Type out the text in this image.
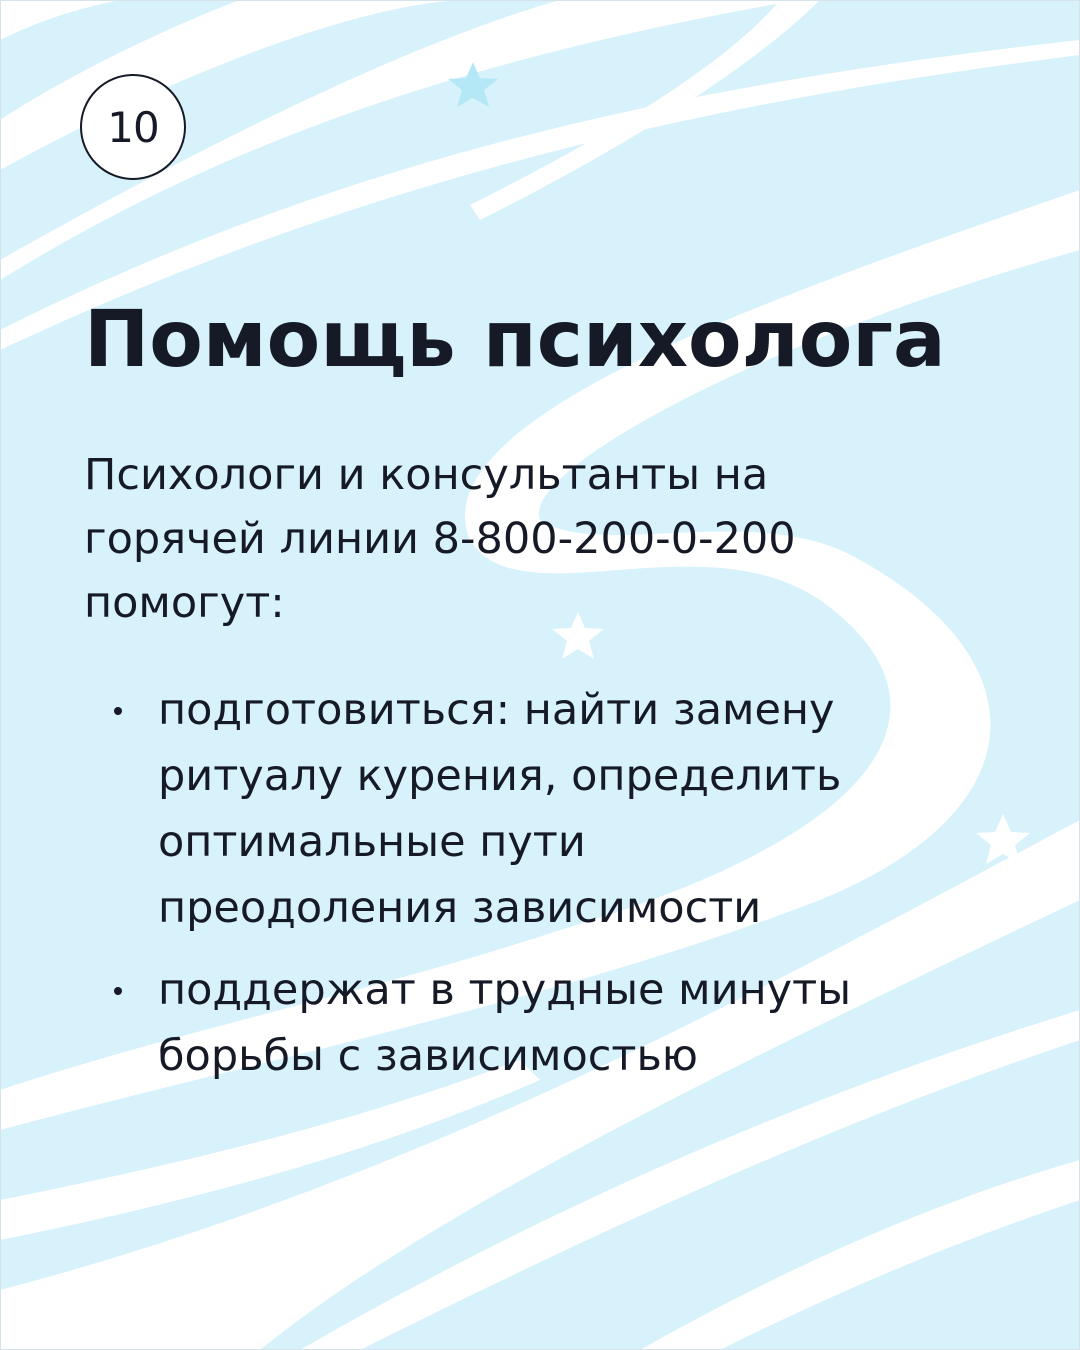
10
Помощь психолога

Психологи и консультанты на
горячей линии 8-800-200-0-200
помогут:

подготовиться: найти замену
ритуалу курения, определить
оптимальные пути
преодоления зависимости
поддержат в трудные минуты
борьбы с зависимостью
